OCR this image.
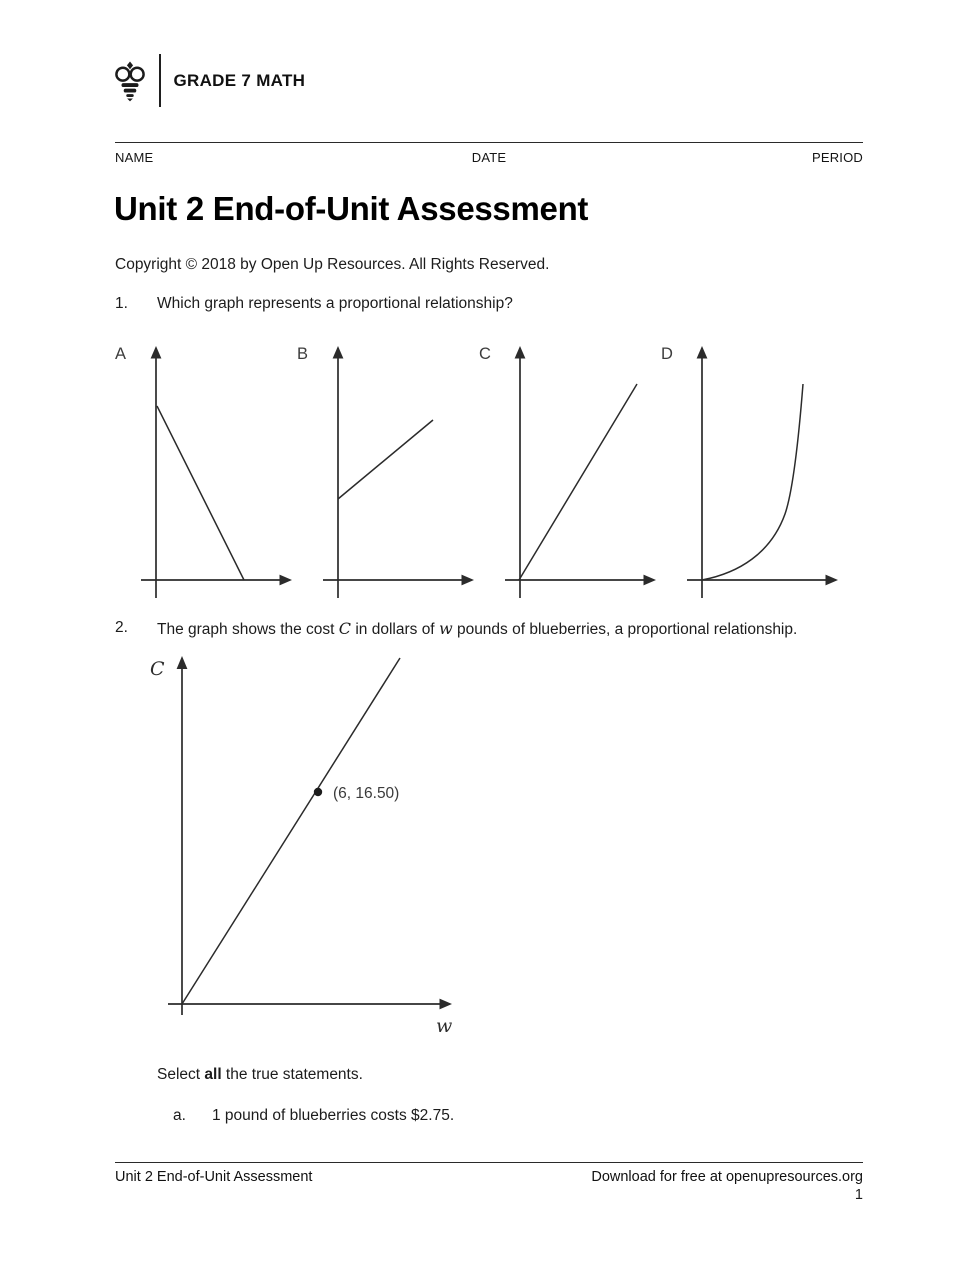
GRADE 7 MATH
NAME	DATE	PERIOD
Unit 2 End-of-Unit Assessment
Copyright © 2018 by Open Up Resources. All Rights Reserved.
1. Which graph represents a proportional relationship?
A	B	C	D
2. The graph shows the cost C in dollars of w pounds of blueberries, a proportional relationship.
(6, 16.50)
C
w
Select all the true statements.
a. 1 pound of blueberries costs $2.75.
Unit 2 End-of-Unit Assessment	Download for free at openupresources.org
1
